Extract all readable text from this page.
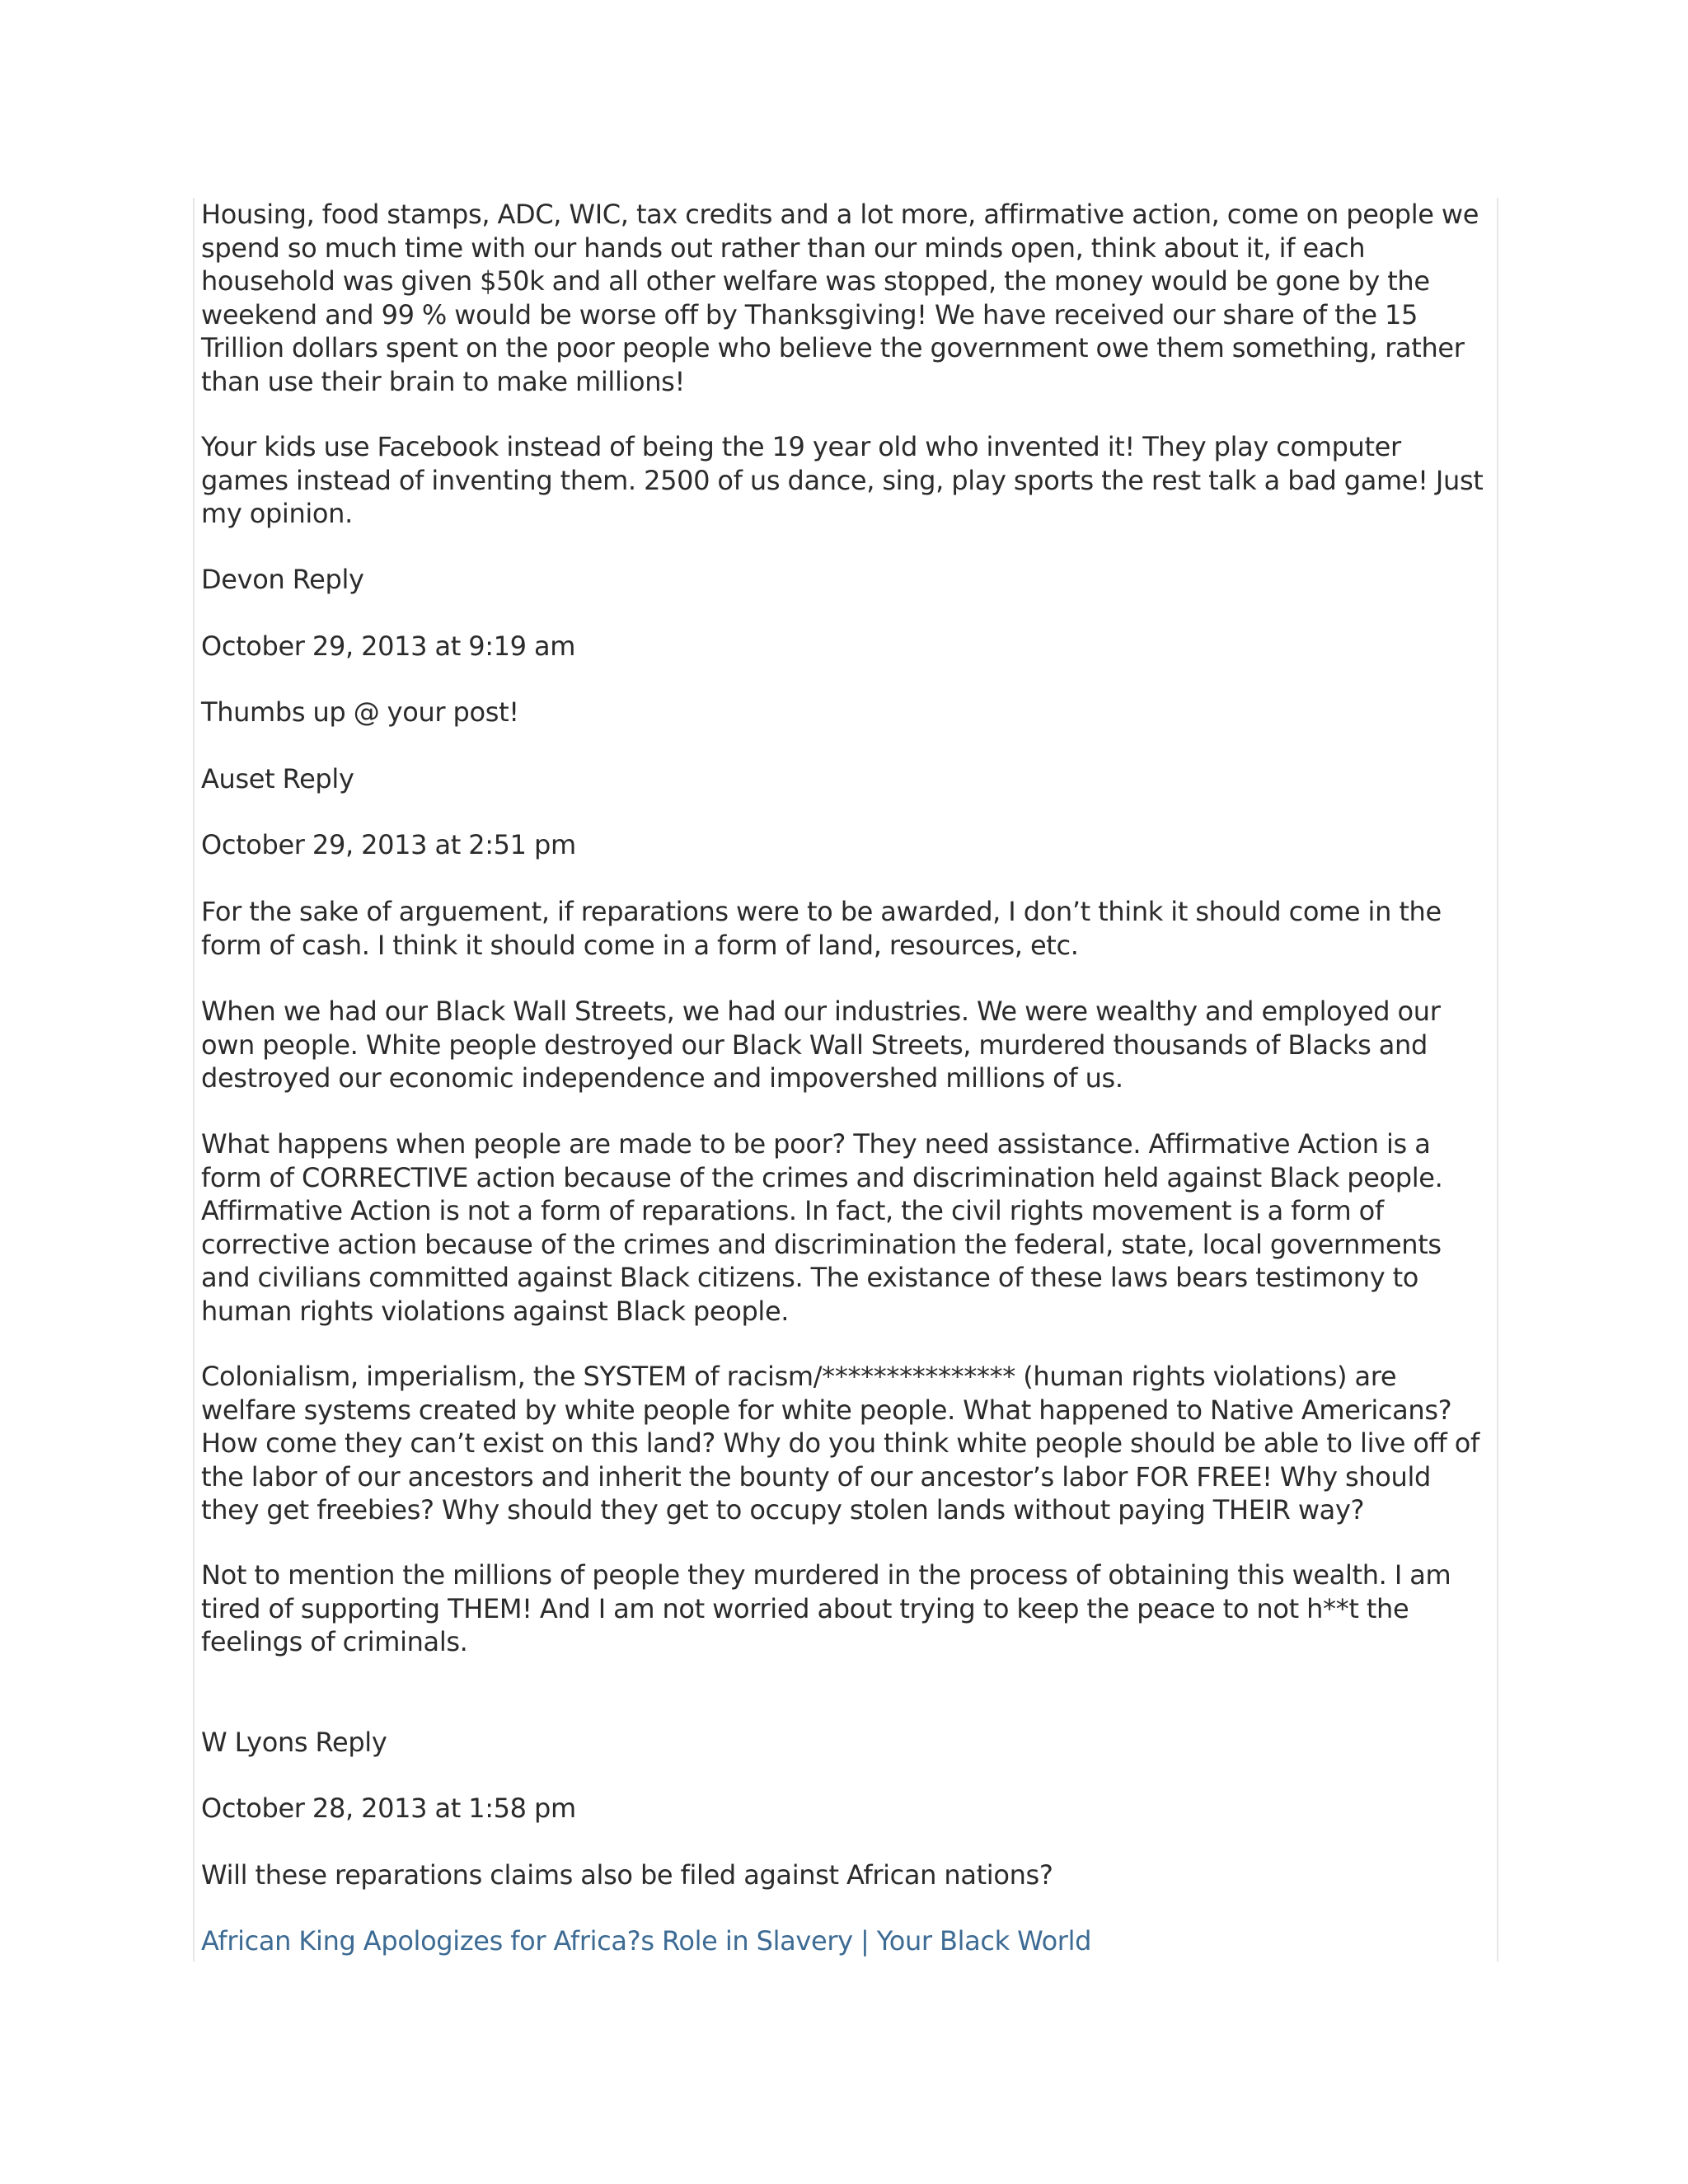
Housing, food stamps, ADC, WIC, tax credits and a lot more, affirmative action, come on people we spend so much time with our hands out rather than our minds open, think about it, if each household was given $50k and all other welfare was stopped, the money would be gone by the weekend and 99 % would be worse off by Thanksgiving! We have received our share of the 15 Trillion dollars spent on the poor people who believe the government owe them something, rather than use their brain to make millions!

Your kids use Facebook instead of being the 19 year old who invented it! They play computer games instead of inventing them. 2500 of us dance, sing, play sports the rest talk a bad game! Just my opinion.

Devon Reply

October 29, 2013 at 9:19 am

Thumbs up @ your post!

Auset Reply

October 29, 2013 at 2:51 pm

For the sake of arguement, if reparations were to be awarded, I don’t think it should come in the form of cash. I think it should come in a form of land, resources, etc.

When we had our Black Wall Streets, we had our industries. We were wealthy and employed our own people. White people destroyed our Black Wall Streets, murdered thousands of Blacks and destroyed our economic independence and impovershed millions of us.

What happens when people are made to be poor? They need assistance. Affirmative Action is a form of CORRECTIVE action because of the crimes and discrimination held against Black people. Affirmative Action is not a form of reparations. In fact, the civil rights movement is a form of corrective action because of the crimes and discrimination the federal, state, local governments and civilians committed against Black citizens. The existance of these laws bears testimony to human rights violations against Black people.

Colonialism, imperialism, the SYSTEM of racism/*************** (human rights violations) are welfare systems created by white people for white people. What happened to Native Americans? How come they can’t exist on this land? Why do you think white people should be able to live off of the labor of our ancestors and inherit the bounty of our ancestor’s labor FOR FREE! Why should they get freebies? Why should they get to occupy stolen lands without paying THEIR way?

Not to mention the millions of people they murdered in the process of obtaining this wealth. I am tired of supporting THEM! And I am not worried about trying to keep the peace to not h**t the feelings of criminals.

W Lyons Reply

October 28, 2013 at 1:58 pm

Will these reparations claims also be filed against African nations?

African King Apologizes for Africa?s Role in Slavery | Your Black World
